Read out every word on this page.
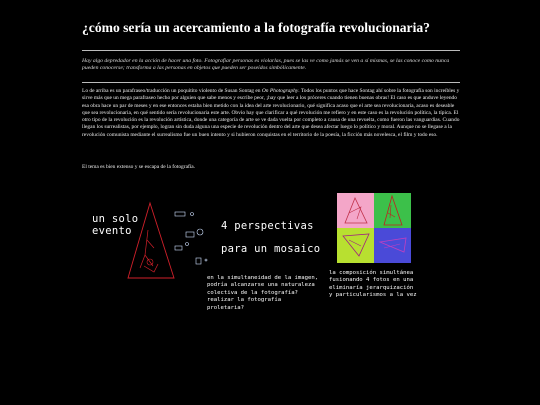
¿cómo sería un acercamiento a la fotografía revolucionaria?
Hay algo depredador en la acción de hacer una foto. Fotografiar personas es violarlas, pues se las ve como jamás se ven a sí mismas, se las conoce como nunca pueden conocerse; transforma a las personas en objetos que pueden ser poseídos simbólicamente.

Lo de arriba es un parafraseo/traducción un poquitito violento de Susan Sontag en On Photography. Todos los puntos que hace Sontag ahí sobre la fotografía son increíbles y sirve más que un mega parafraseo hecho por alguien que sabe menos y escribe peor, ¡hay que leer a los próceres cuando tienen buenas obras! El caso es que anduve leyendo esa obra hace un par de meses y en ese entonces estaba bien metido con la idea del arte revolucionario, qué significa acaso que el arte sea revolucionaria, acaso es deseable que sea revolucionaria, en qué sentido sería revolucionaria este arte. Obvio hay que clarificar a qué revolución me refiero y en este caso es la revolución política, la típica. El otro tipo de la revolución es la revolución artística, donde una categoría de arte se ve dada vuelta por completo a causa de una revuelta, como fueron las vanguardias. Cuando llegan los surrealistas, por ejemplo, logran sin duda alguna una especie de revolución dentro del arte que desea afectar luego lo político y moral. Aunque no se llegase a la revolución comunista mediante el surrealismo fue un buen intento y si hubieron conquistas en el territorio de la poesía, la ficción más novelesca, el film y todo eso.

El tema es bien extenso y se escapa de la fotografía.

un solo
evento	4 perspectivas
para un mosaico
en la simultaneidad de la imagen, podría alcanzarse una naturaleza colectiva de la fotografía? realizar la fotografía proletaria?
la composición simultánea fusionando 4 fotos en una eliminaría jerarquización y particularismos a la vez
